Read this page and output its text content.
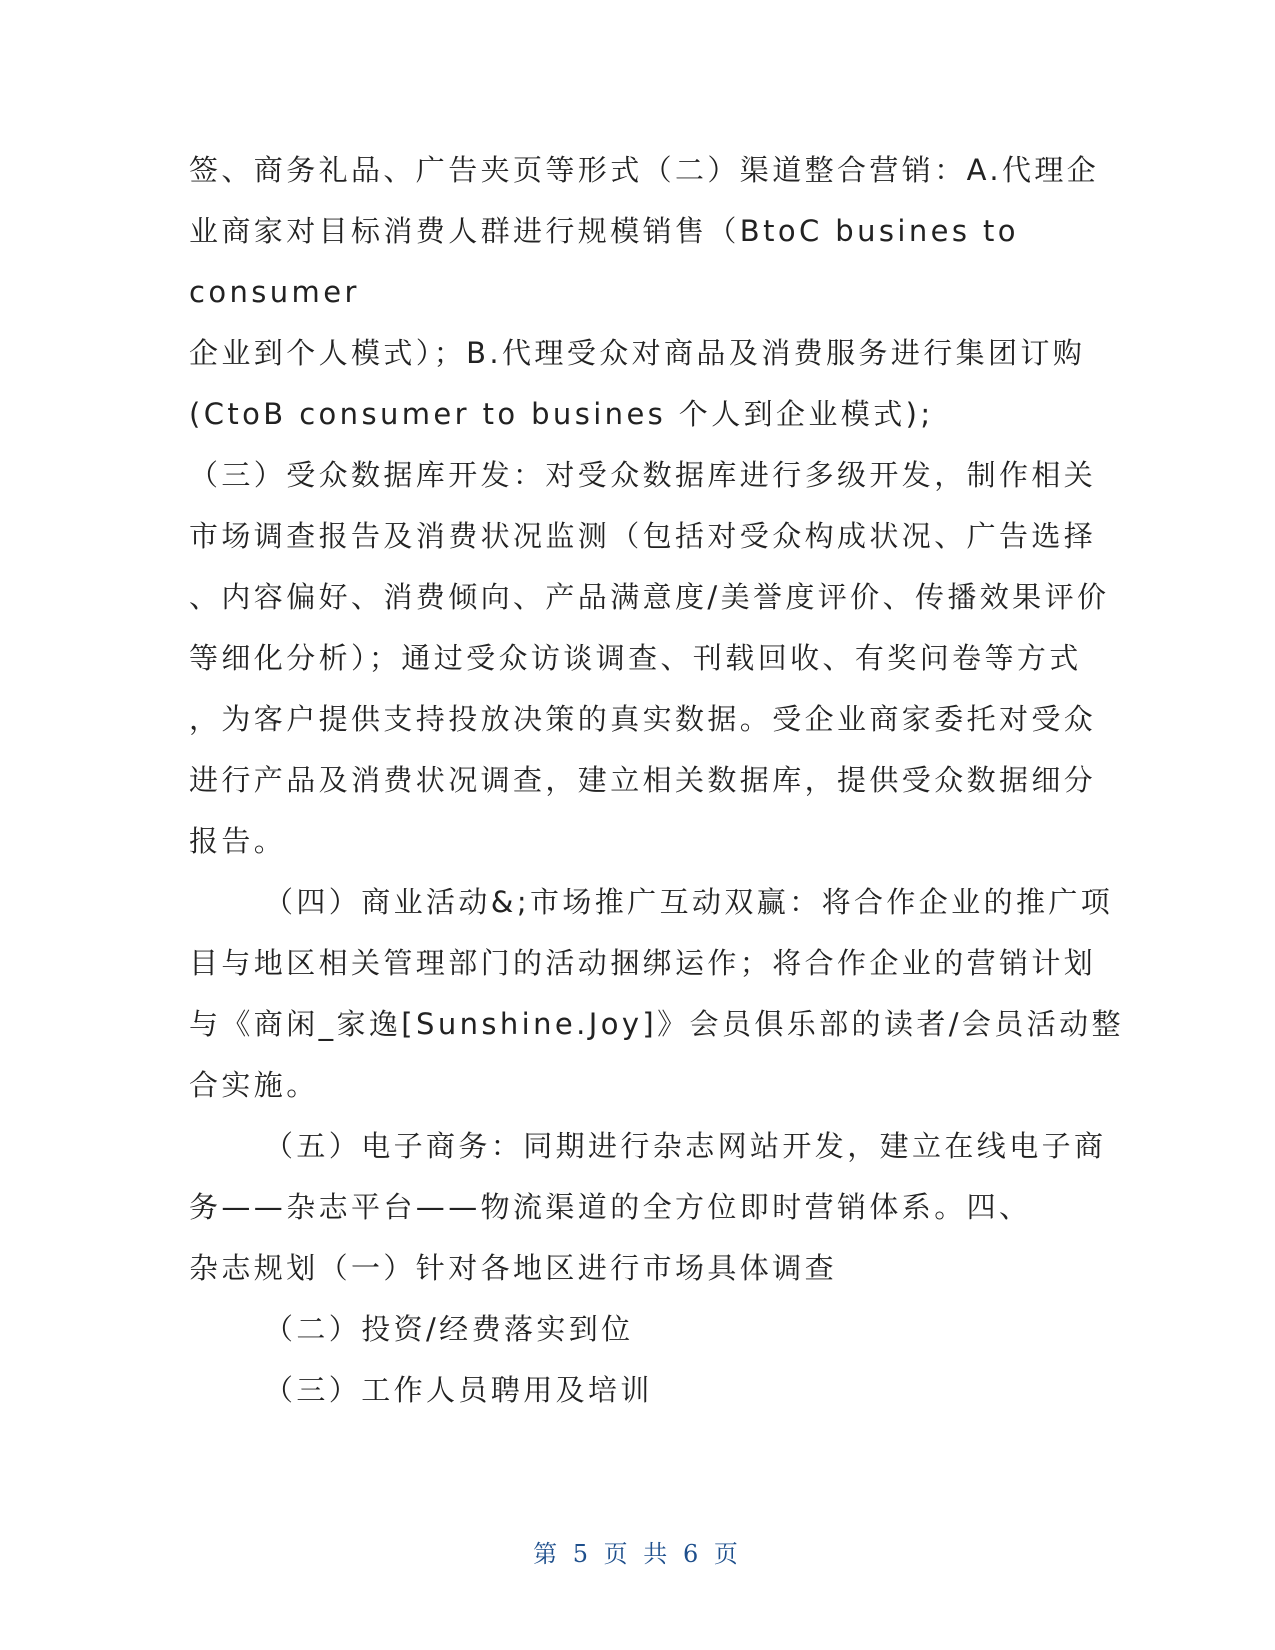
签、商务礼品、广告夹页等形式（二）渠道整合营销：A.代理企
业商家对目标消费人群进行规模销售（BtoC busines to
consumer
企业到个人模式）；B.代理受众对商品及消费服务进行集团订购
(CtoB consumer to busines 个人到企业模式);
（三）受众数据库开发：对受众数据库进行多级开发，制作相关
市场调查报告及消费状况监测（包括对受众构成状况、广告选择
、内容偏好、消费倾向、产品满意度/美誉度评价、传播效果评价
等细化分析）；通过受众访谈调查、刊载回收、有奖问卷等方式
，为客户提供支持投放决策的真实数据。受企业商家委托对受众
进行产品及消费状况调查，建立相关数据库，提供受众数据细分
报告。
（四）商业活动&;市场推广互动双赢：将合作企业的推广项
目与地区相关管理部门的活动捆绑运作；将合作企业的营销计划
与《商闲_家逸[Sunshine.Joy]》会员俱乐部的读者/会员活动整
合实施。
（五）电子商务：同期进行杂志网站开发，建立在线电子商
务——杂志平台——物流渠道的全方位即时营销体系。四、
杂志规划（一）针对各地区进行市场具体调查
（二）投资/经费落实到位
（三）工作人员聘用及培训
第 5 页 共 6 页
